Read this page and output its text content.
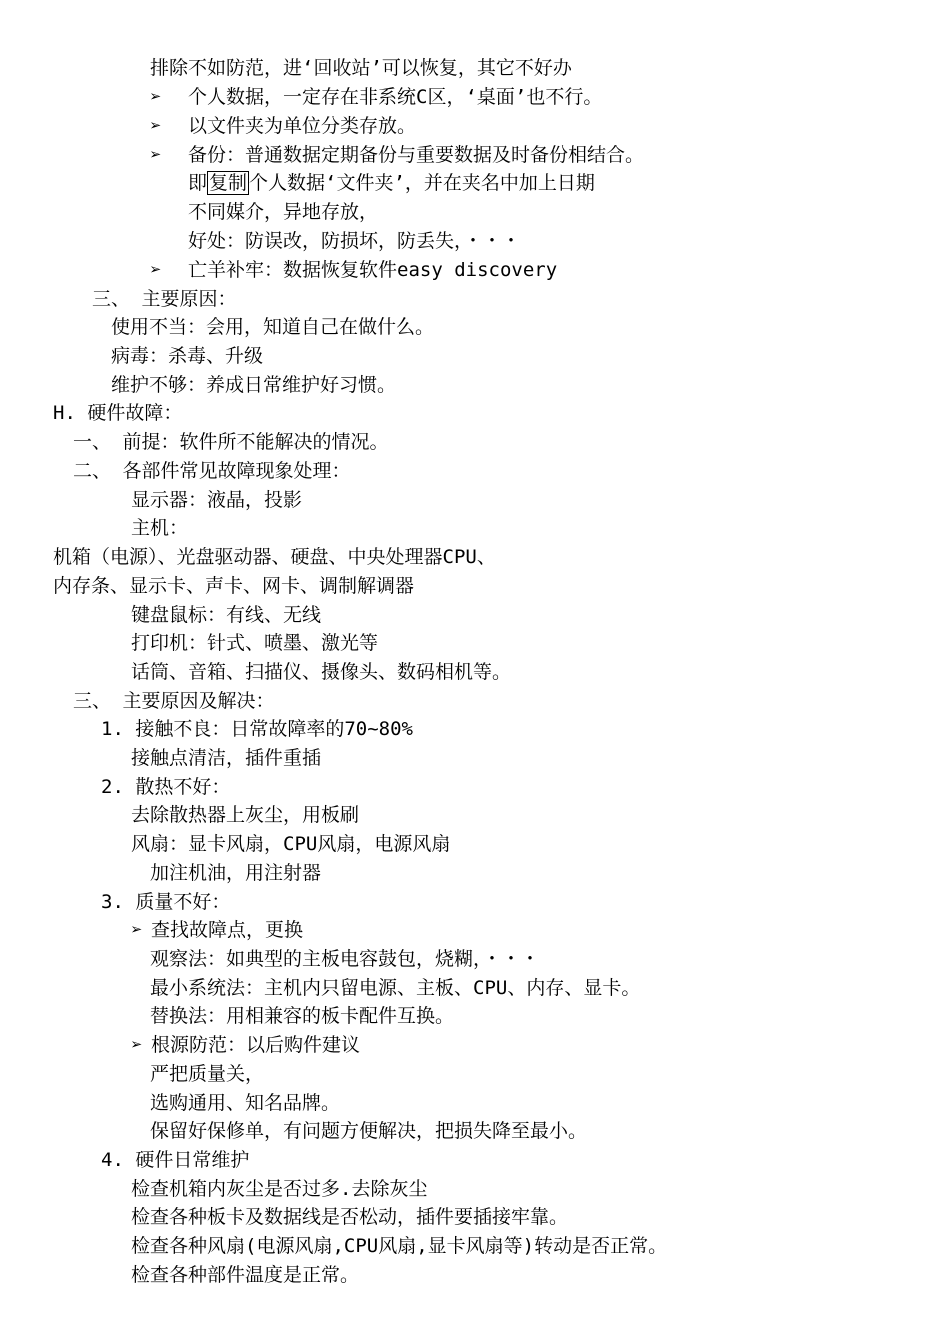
排除不如防范，进‘回收站’可以恢复，其它不好办
➢ 个人数据，一定存在非系统C区，‘桌面’也不行。
➢ 以文件夹为单位分类存放。
➢ 备份：普通数据定期备份与重要数据及时备份相结合。
即 复制 个人数据‘文件夹’，并在夹名中加上日期
不同媒介，异地存放，
好处：防误改，防损坏，防丢失，・・・
➢ 亡羊补牢：数据恢复软件easy discovery
三、 主要原因：
使用不当：会用，知道自己在做什么。
病毒：杀毒、升级
维护不够：养成日常维护好习惯。
H. 硬件故障：
一、 前提：软件所不能解决的情况。
二、 各部件常见故障现象处理：
显示器：液晶，投影
主机：
机箱（电源）、光盘驱动器、硬盘、中央处理器CPU、
内存条、显示卡、声卡、网卡、调制解调器
键盘鼠标：有线、无线
打印机：针式、喷墨、激光等
话筒、音箱、扫描仪、摄像头、数码相机等。
三、 主要原因及解决：
1. 接触不良：日常故障率的70~80%
接触点清洁，插件重插
2. 散热不好：
去除散热器上灰尘，用板刷
风扇：显卡风扇，CPU风扇，电源风扇
加注机油，用注射器
3. 质量不好：
➢ 查找故障点，更换
观察法：如典型的主板电容鼓包，烧糊，・・・
最小系统法：主机内只留电源、主板、CPU、内存、显卡。
替换法：用相兼容的板卡配件互换。
➢ 根源防范：以后购件建议
严把质量关，
选购通用、知名品牌。
保留好保修单，有问题方便解决，把损失降至最小。
4. 硬件日常维护
检查机箱内灰尘是否过多.去除灰尘
检查各种板卡及数据线是否松动，插件要插接牢靠。
检查各种风扇(电源风扇,CPU风扇,显卡风扇等)转动是否正常。
检查各种部件温度是正常。
